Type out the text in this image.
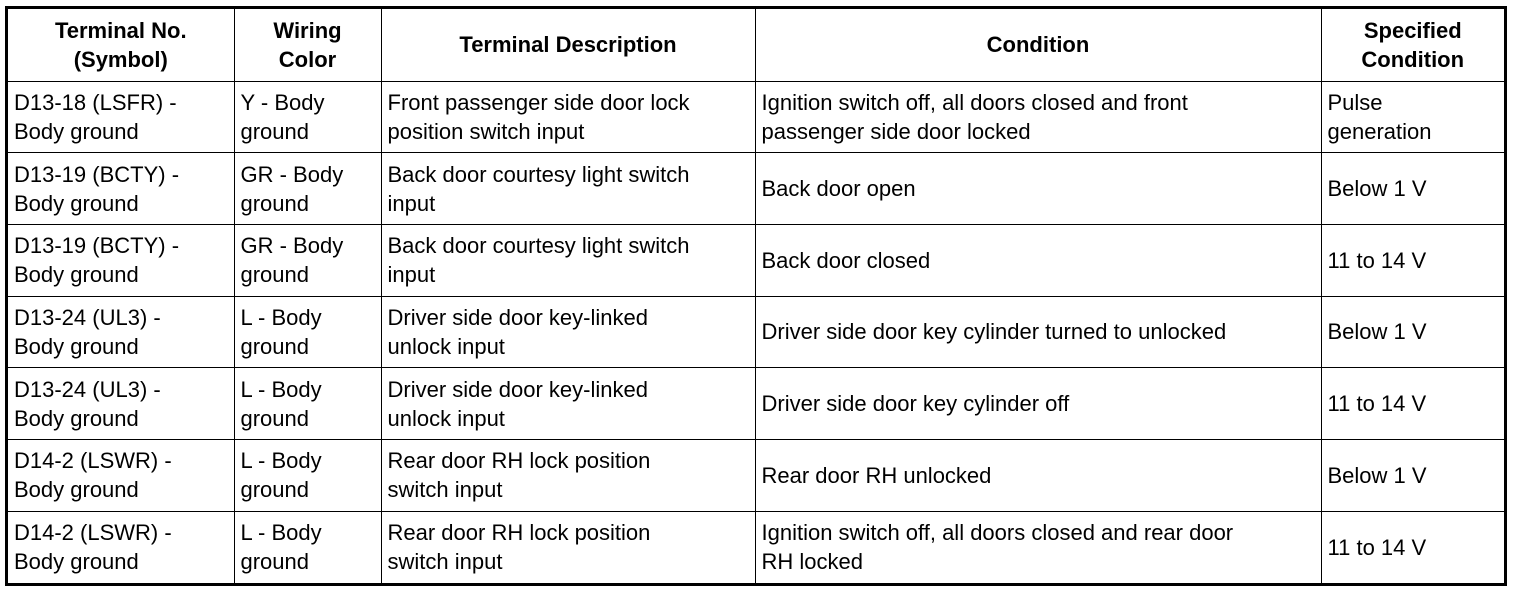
Terminal No.
(Symbol)	Wiring
Color	Terminal Description	Condition	Specified
Condition

D13-18 (LSFR) -
Body ground	Y - Body
ground	Front passenger side door lock
position switch input	Ignition switch off, all doors closed and front
passenger side door locked	Pulse
generation

D13-19 (BCTY) -
Body ground	GR - Body
ground	Back door courtesy light switch
input	Back door open	Below 1 V

D13-19 (BCTY) -
Body ground	GR - Body
ground	Back door courtesy light switch
input	Back door closed	11 to 14 V

D13-24 (UL3) -
Body ground	L - Body
ground	Driver side door key-linked
unlock input	Driver side door key cylinder turned to unlocked	Below 1 V

D13-24 (UL3) -
Body ground	L - Body
ground	Driver side door key-linked
unlock input	Driver side door key cylinder off	11 to 14 V

D14-2 (LSWR) -
Body ground	L - Body
ground	Rear door RH lock position
switch input	Rear door RH unlocked	Below 1 V

D14-2 (LSWR) -
Body ground	L - Body
ground	Rear door RH lock position
switch input	Ignition switch off, all doors closed and rear door
RH locked	11 to 14 V
